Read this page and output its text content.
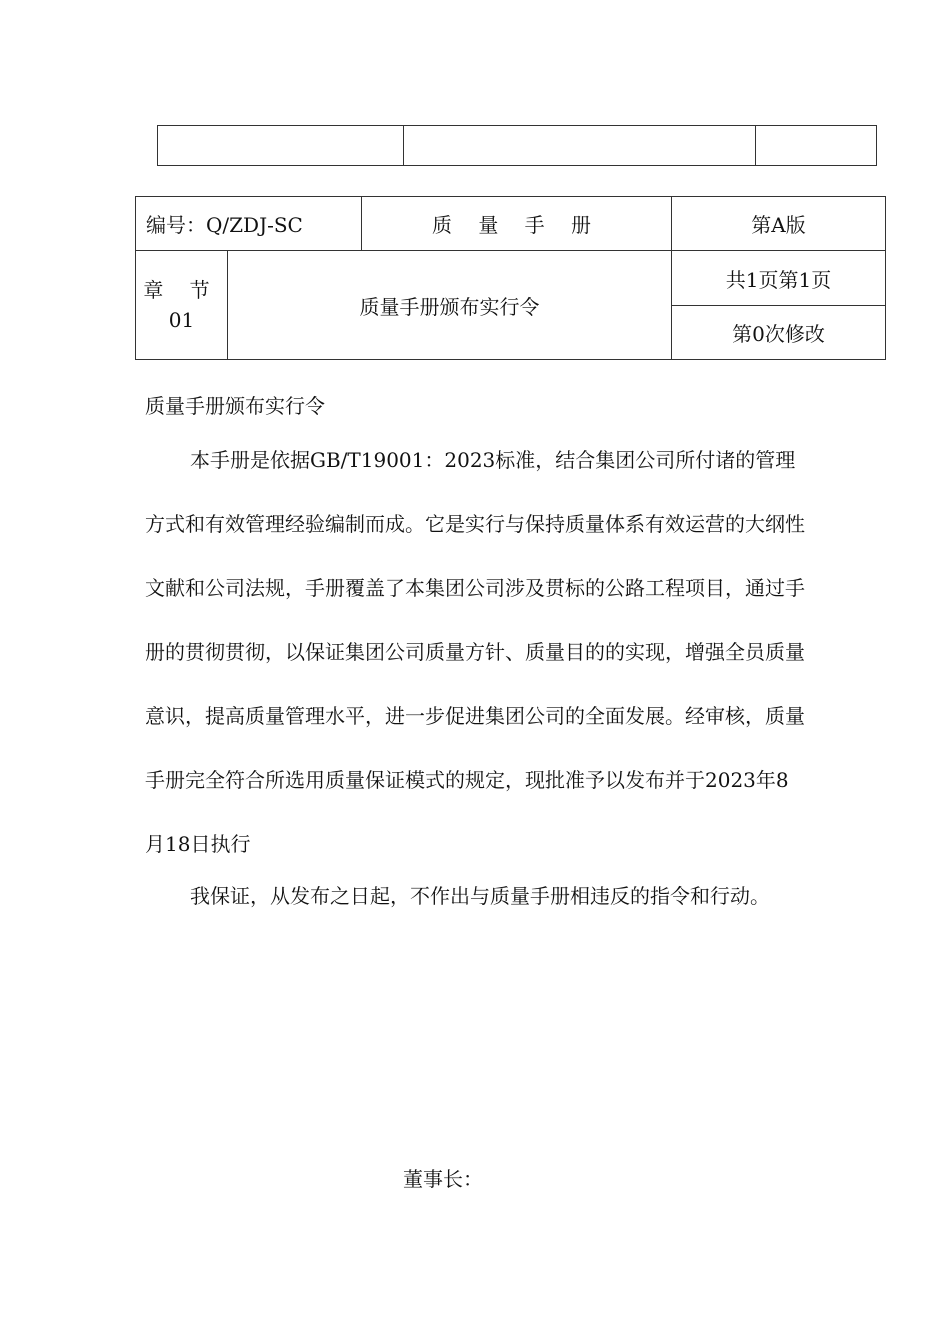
编号：Q/ZDJ-SC		质 量 手 册	第A版

章 节
01	质量手册颁布实行令		共1页第1页
			第0次修改
质量手册颁布实行令

本手册是依据GB/T19001：2023标准，结合集团公司所付诸的管理方式和有效管理经验编制而成。它是实行与保持质量体系有效运营的大纲性文献和公司法规，手册覆盖了本集团公司涉及贯标的公路工程项目，通过手册的贯彻贯彻，以保证集团公司质量方针、质量目的的实现，增强全员质量意识，提高质量管理水平，进一步促进集团公司的全面发展。经审核，质量手册完全符合所选用质量保证模式的规定，现批准予以发布并于2023年8月18日执行

我保证，从发布之日起，不作出与质量手册相违反的指令和行动。

董事长：
